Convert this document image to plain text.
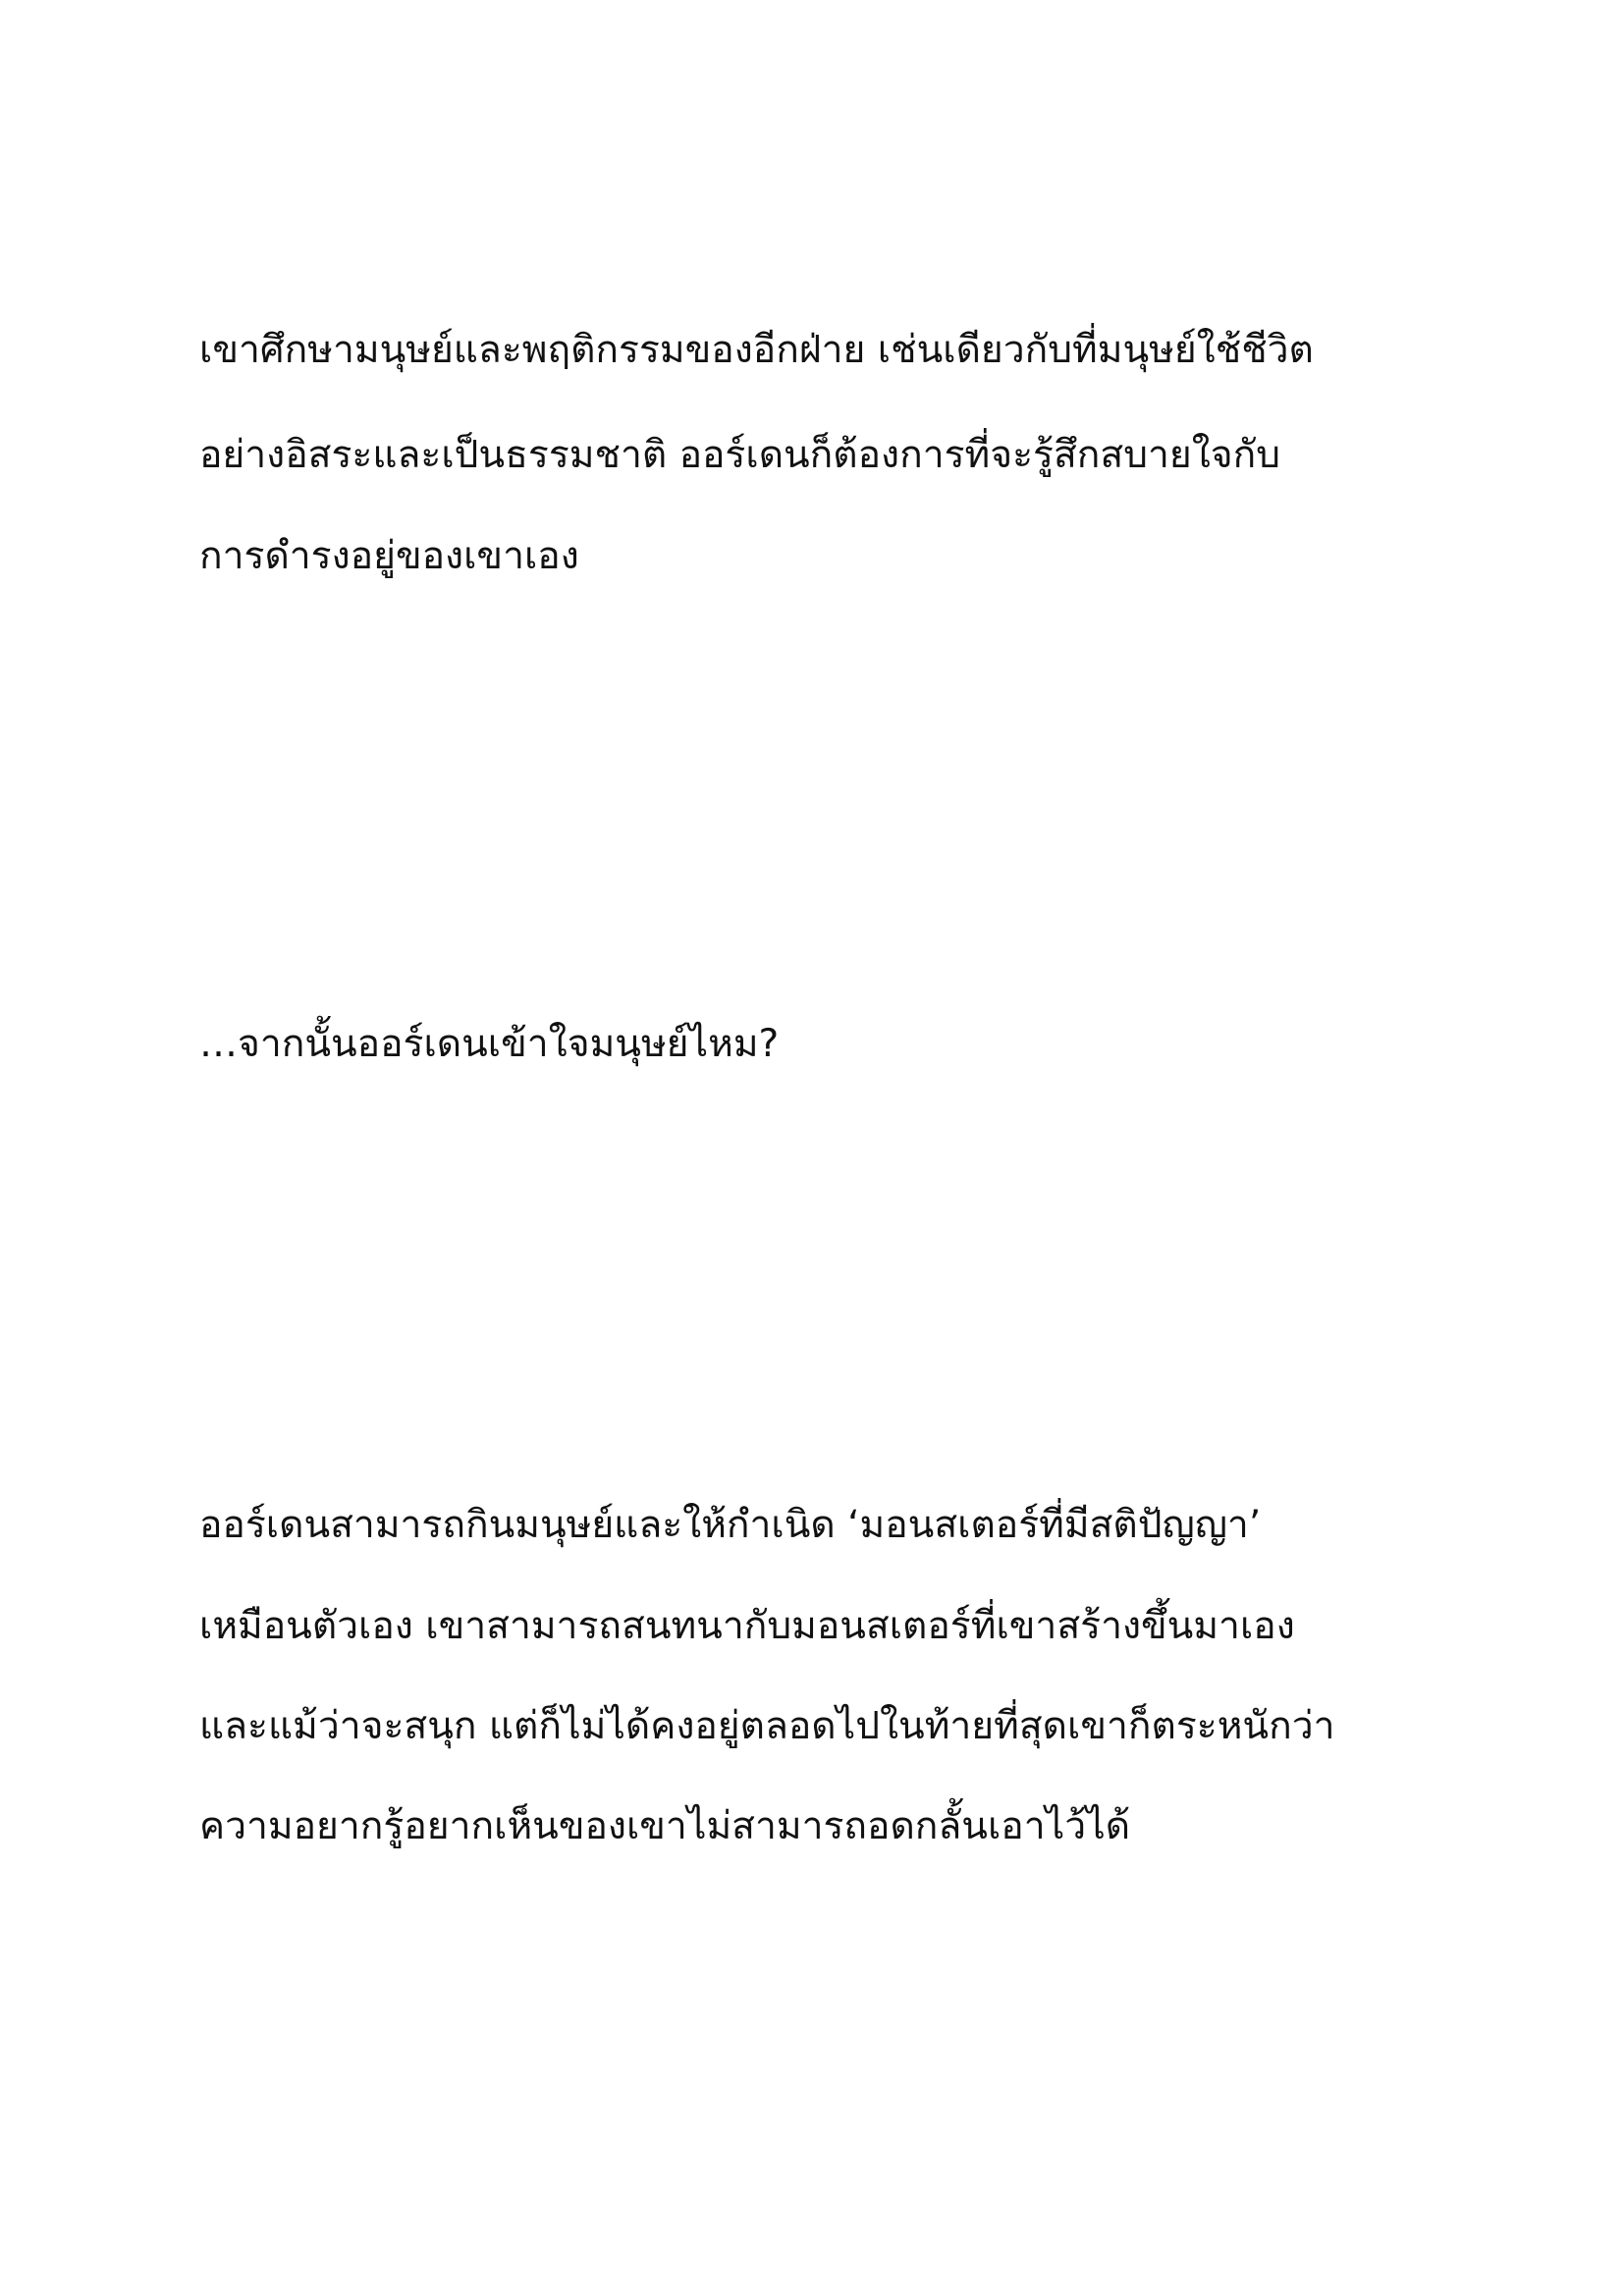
เขาศึกษามนุษย์และพฤติกรรมของอีกฝ่าย เช่นเดียวกับที่มนุษย์ใช้ชีวิต
อย่างอิสระและเป็นธรรมชาติ ออร์เดนก็ต้องการที่จะรู้สึกสบายใจกับ
การดำรงอยู่ของเขาเอง
…จากนั้นออร์เดนเข้าใจมนุษย์ไหม?
ออร์เดนสามารถกินมนุษย์และให้กำเนิด ‘มอนสเตอร์ที่มีสติปัญญา’
เหมือนตัวเอง เขาสามารถสนทนากับมอนสเตอร์ที่เขาสร้างขึ้นมาเอง
และแม้ว่าจะสนุก แต่ก็ไม่ได้คงอยู่ตลอดไปในท้ายที่สุดเขาก็ตระหนักว่า
ความอยากรู้อยากเห็นของเขาไม่สามารถอดกลั้นเอาไว้ได้
